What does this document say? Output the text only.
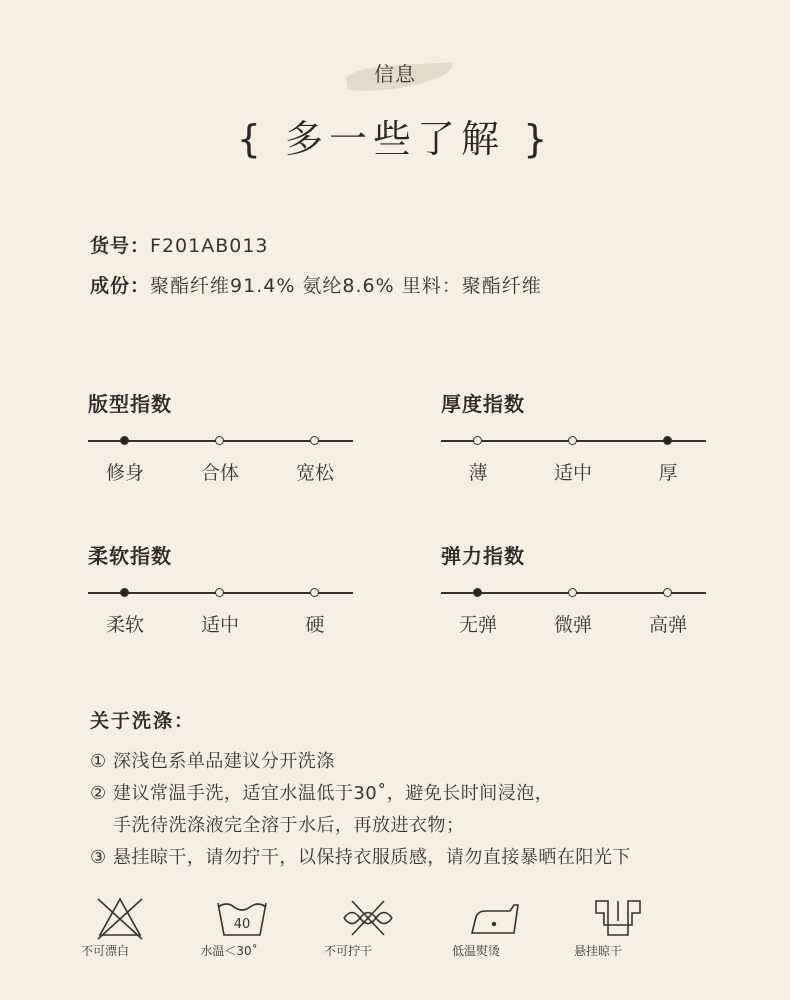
信息
{ 多一些了解 }
货号：F201AB013
成份：聚酯纤维91.4% 氨纶8.6% 里料：聚酯纤维
版型指数
修身	合体	宽松
厚度指数
薄	适中	厚
柔软指数
柔软	适中	硬
弹力指数
无弹	微弹	高弹
关于洗涤：
① 深浅色系单品建议分开洗涤
② 建议常温手洗，适宜水温低于30˚，避免长时间浸泡，
手洗待洗涤液完全溶于水后，再放进衣物；
③ 悬挂晾干，请勿拧干，以保持衣服质感，请勿直接暴晒在阳光下
不可漂白
40
水温＜30˚	不可拧干	低温熨烫	悬挂晾干
